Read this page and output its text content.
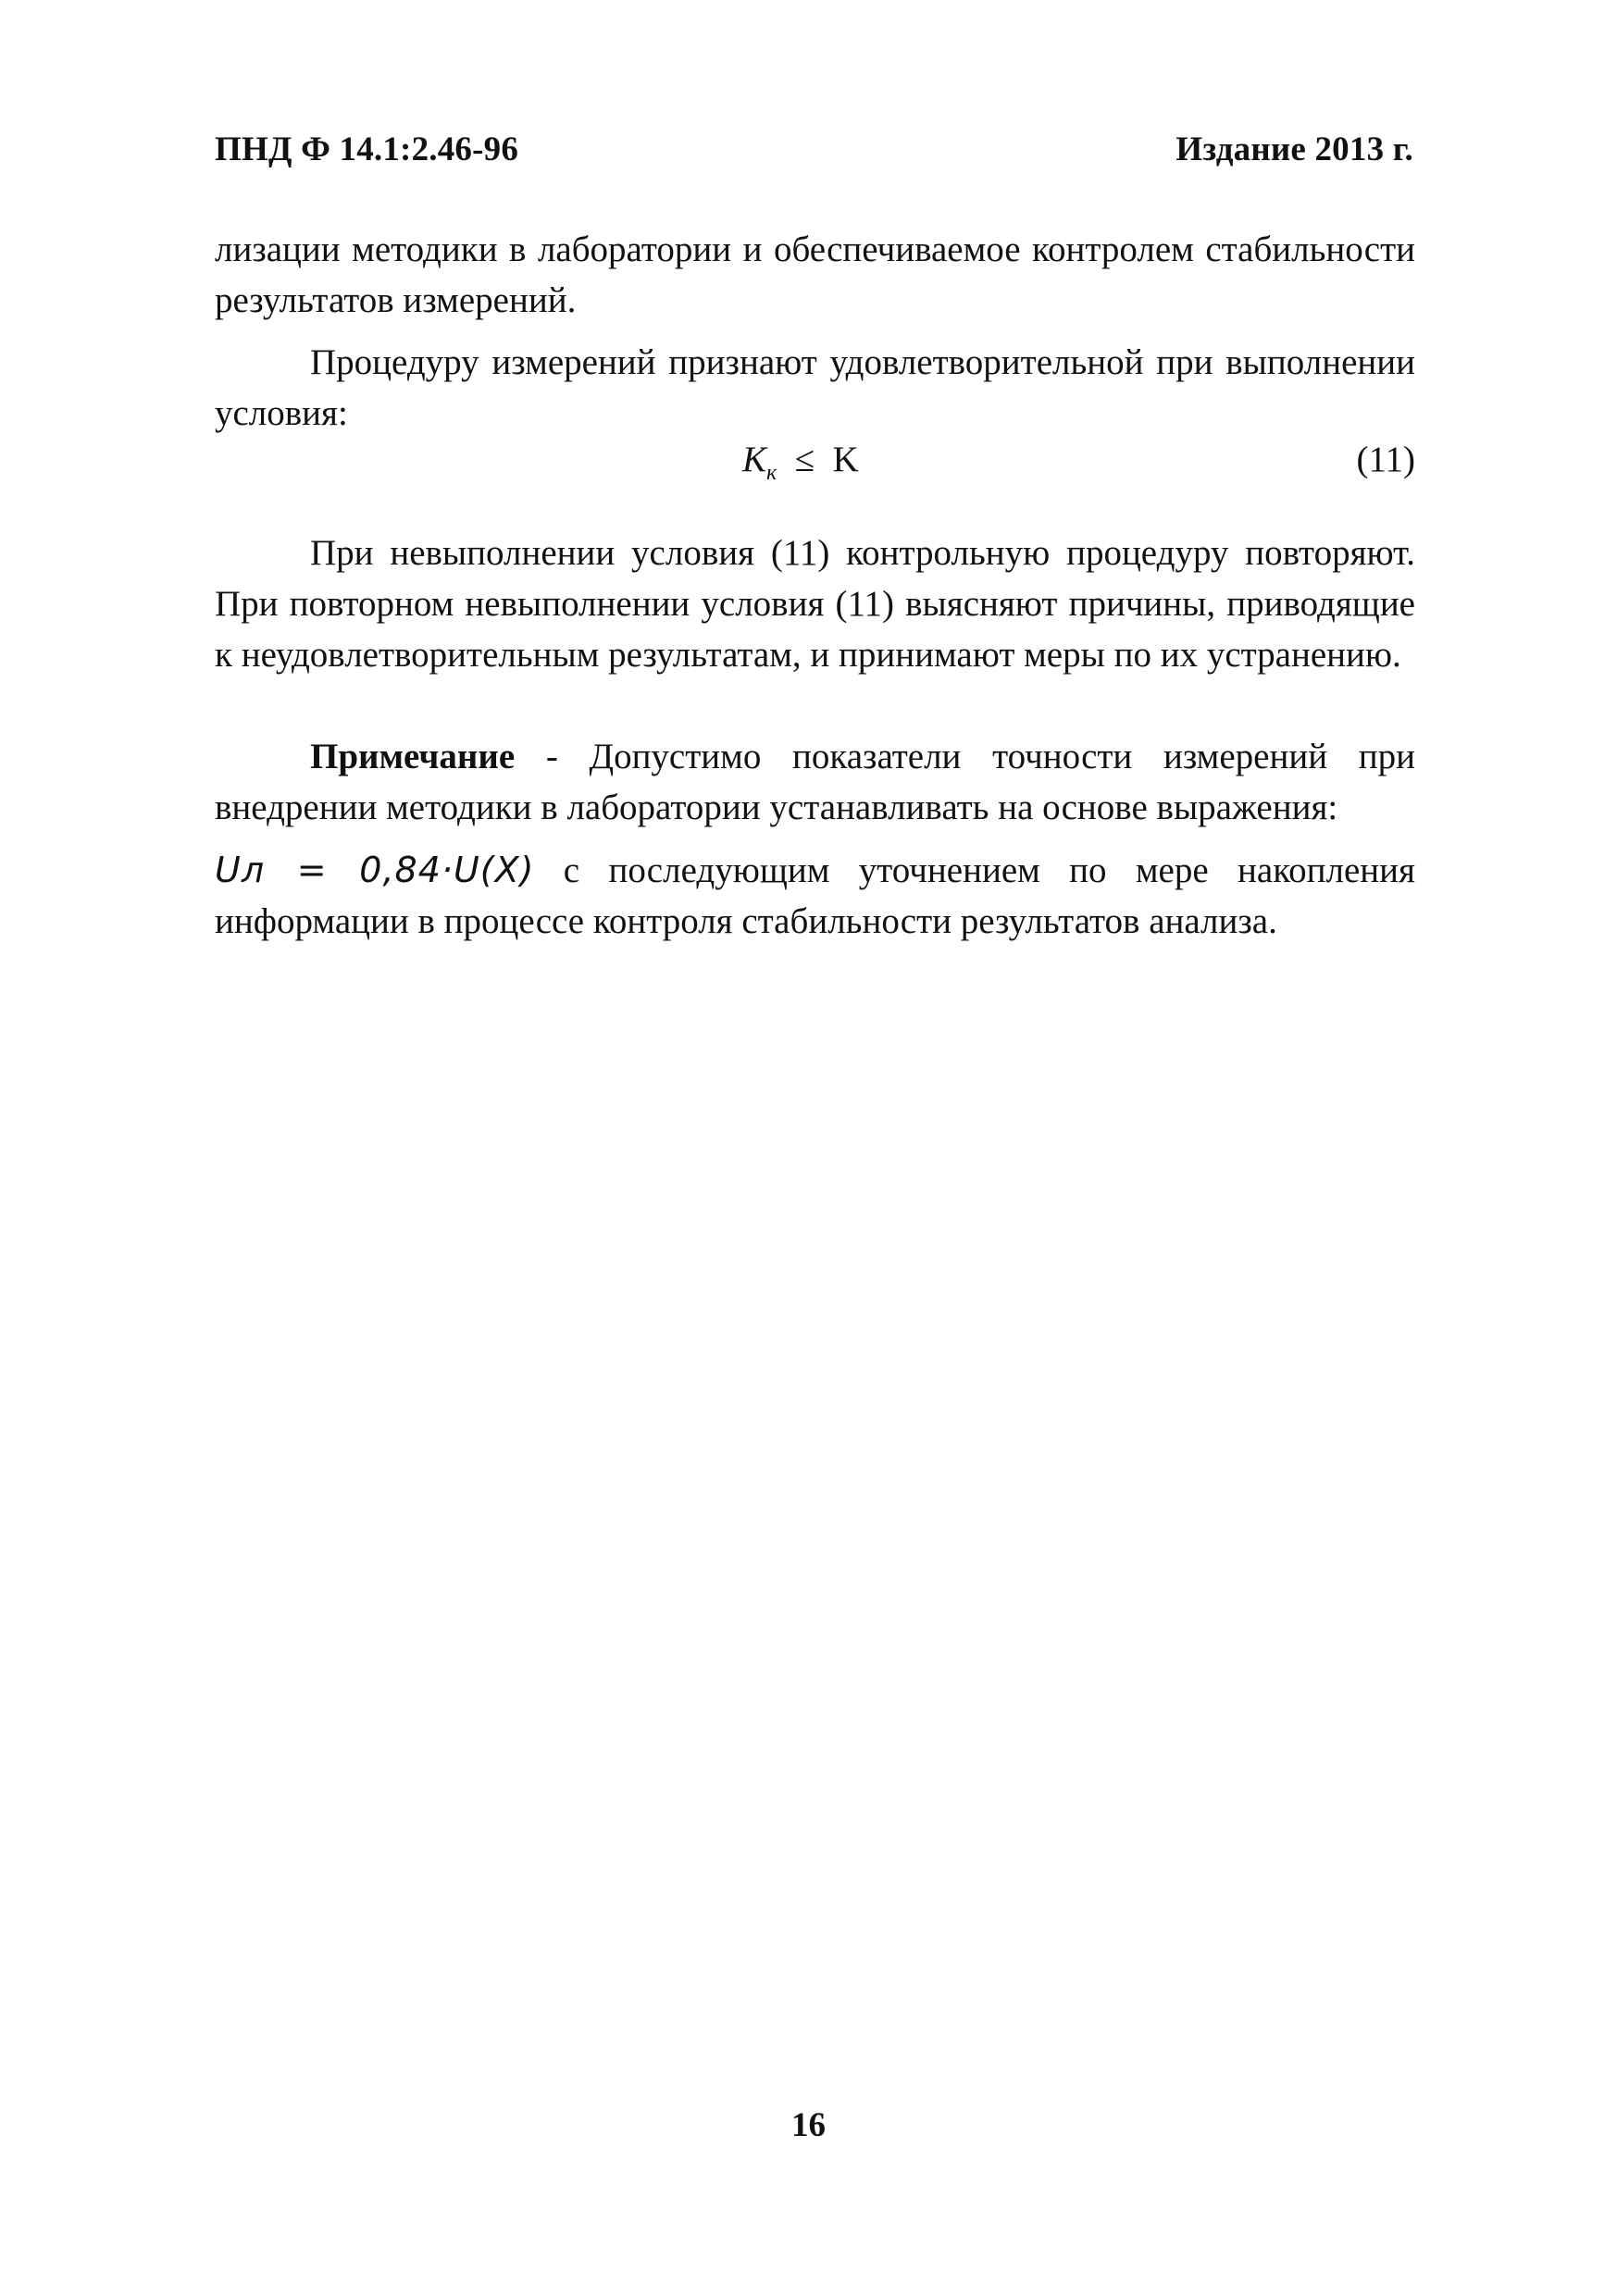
ПНД Ф 14.1:2.46-96	Издание 2013 г.

лизации методики в лаборатории и обеспечиваемое контролем стабильности результатов измерений.

Процедуру измерений признают удовлетворительной при выполнении условия:

$K_к \le K$	(11)

При невыполнении условия (11) контрольную процедуру повторяют. При повторном невыполнении условия (11) выясняют причины, приводящие к неудовлетворительным результатам, и принимают меры по их устранению.

Примечание - Допустимо показатели точности измерений при внедрении методики в лаборатории устанавливать на основе выражения:

Uл = 0,84·U(X) с последующим уточнением по мере накопления информации в процессе контроля стабильности результатов анализа.

16
